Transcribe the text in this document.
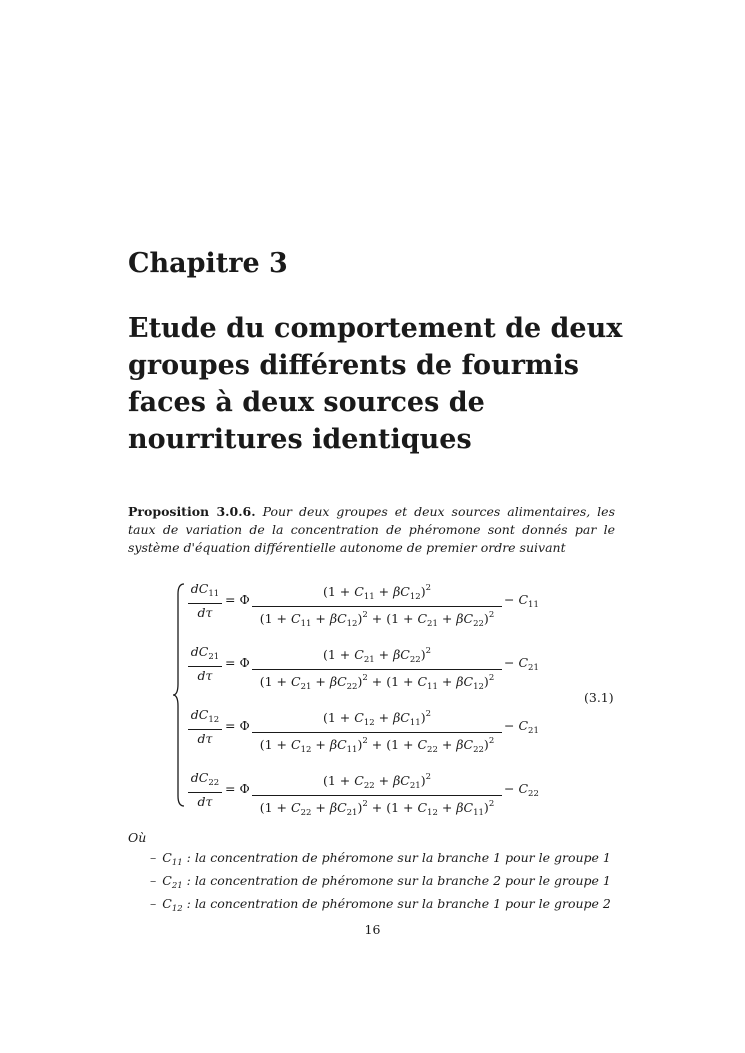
Chapitre 3
Etude du comportement de deux groupes différents de fourmis faces à deux sources de nourritures identiques
Proposition 3.0.6. Pour deux groupes et deux sources alimentaires, les taux de variation de la concentration de phéromone sont donnés par le système d'équation différentielle autonome de premier ordre suivant
$\frac{dC_{11}}{d\tau} = \Phi \frac{(1 + C_{11} + \beta C_{12})^2}{(1 + C_{11} + \beta C_{12})^2 + (1 + C_{21} + \beta C_{22})^2} - C_{11}$
$\frac{dC_{21}}{d\tau} = \Phi \frac{(1 + C_{21} + \beta C_{22})^2}{(1 + C_{21} + \beta C_{22})^2 + (1 + C_{11} + \beta C_{12})^2} - C_{21}$
$\frac{dC_{12}}{d\tau} = \Phi \frac{(1 + C_{12} + \beta C_{11})^2}{(1 + C_{12} + \beta C_{11})^2 + (1 + C_{22} + \beta C_{22})^2} - C_{21}$
$\frac{dC_{22}}{d\tau} = \Phi \frac{(1 + C_{22} + \beta C_{21})^2}{(1 + C_{22} + \beta C_{21})^2 + (1 + C_{12} + \beta C_{11})^2} - C_{22}$
(3.1)
Où
– $C_{11}$ : la concentration de phéromone sur la branche 1 pour le groupe 1
– $C_{21}$ : la concentration de phéromone sur la branche 2 pour le groupe 1
– $C_{12}$ : la concentration de phéromone sur la branche 1 pour le groupe 2
16
